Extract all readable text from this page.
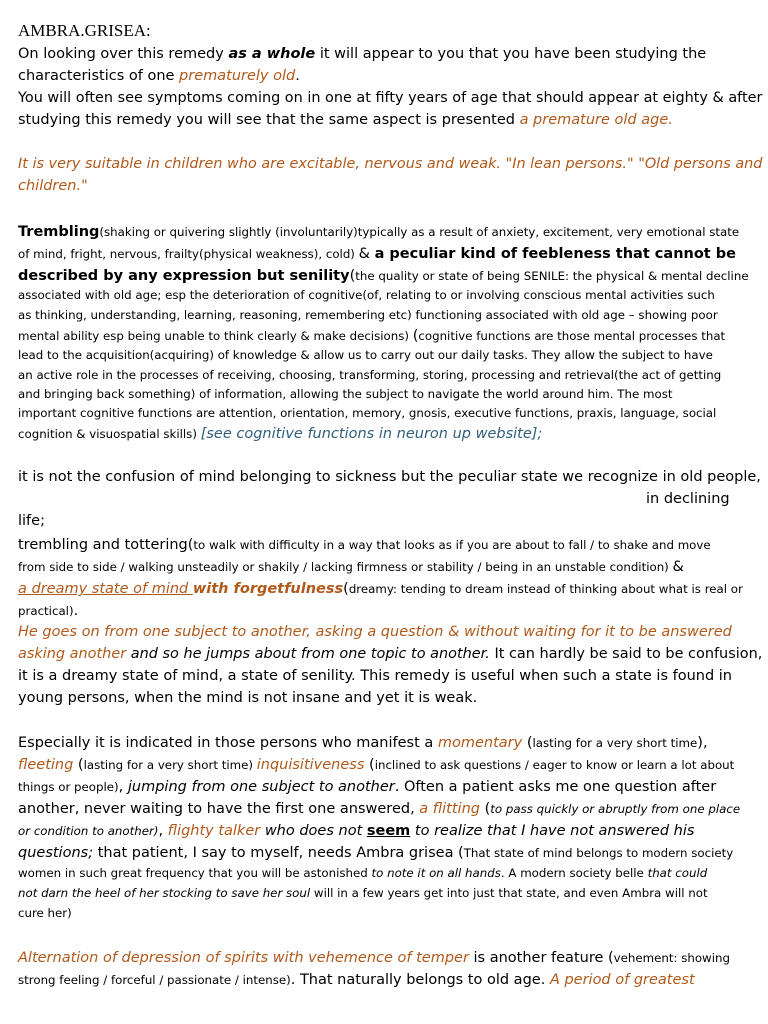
AMBRA.GRISEA:
On looking over this remedy as a whole it will appear to you that you have been studying the
characteristics of one prematurely old.
You will often see symptoms coming on in one at fifty years of age that should appear at eighty & after
studying this remedy you will see that the same aspect is presented a premature old age.
It is very suitable in children who are excitable, nervous and weak. "In lean persons." "Old persons and
children."
Trembling(shaking or quivering slightly (involuntarily)typically as a result of anxiety, excitement, very emotional state
of mind, fright, nervous, frailty(physical weakness), cold) & a peculiar kind of feebleness that cannot be
described by any expression but senility(the quality or state of being SENILE: the physical & mental decline
associated with old age; esp the deterioration of cognitive(of, relating to or involving conscious mental activities such
as thinking, understanding, learning, reasoning, remembering etc) functioning associated with old age – showing poor
mental ability esp being unable to think clearly & make decisions) (cognitive functions are those mental processes that
lead to the acquisition(acquiring) of knowledge & allow us to carry out our daily tasks. They allow the subject to have
an active role in the processes of receiving, choosing, transforming, storing, processing and retrieval(the act of getting
and bringing back something) of information, allowing the subject to navigate the world around him. The most
important cognitive functions are attention, orientation, memory, gnosis, executive functions, praxis, language, social
cognition & visuospatial skills) [see cognitive functions in neuron up website];
it is not the confusion of mind belonging to sickness but the peculiar state we recognize in old people,
in declining
life;
trembling and tottering(to walk with difficulty in a way that looks as if you are about to fall / to shake and move
from side to side / walking unsteadily or shakily / lacking firmness or stability / being in an unstable condition) &
a dreamy state of mind with forgetfulness(dreamy: tending to dream instead of thinking about what is real or
practical).
He goes on from one subject to another, asking a question & without waiting for it to be answered
asking another and so he jumps about from one topic to another. It can hardly be said to be confusion,
it is a dreamy state of mind, a state of senility. This remedy is useful when such a state is found in
young persons, when the mind is not insane and yet it is weak.
Especially it is indicated in those persons who manifest a momentary (lasting for a very short time),
fleeting (lasting for a very short time) inquisitiveness (inclined to ask questions / eager to know or learn a lot about
things or people), jumping from one subject to another. Often a patient asks me one question after
another, never waiting to have the first one answered, a flitting (to pass quickly or abruptly from one place
or condition to another), flighty talker who does not seem to realize that I have not answered his
questions; that patient, I say to myself, needs Ambra grisea (That state of mind belongs to modern society
women in such great frequency that you will be astonished to note it on all hands. A modern society belle that could
not darn the heel of her stocking to save her soul will in a few years get into just that state, and even Ambra will not
cure her)
Alternation of depression of spirits with vehemence of temper is another feature (vehement: showing
strong feeling / forceful / passionate / intense). That naturally belongs to old age. A period of greatest
